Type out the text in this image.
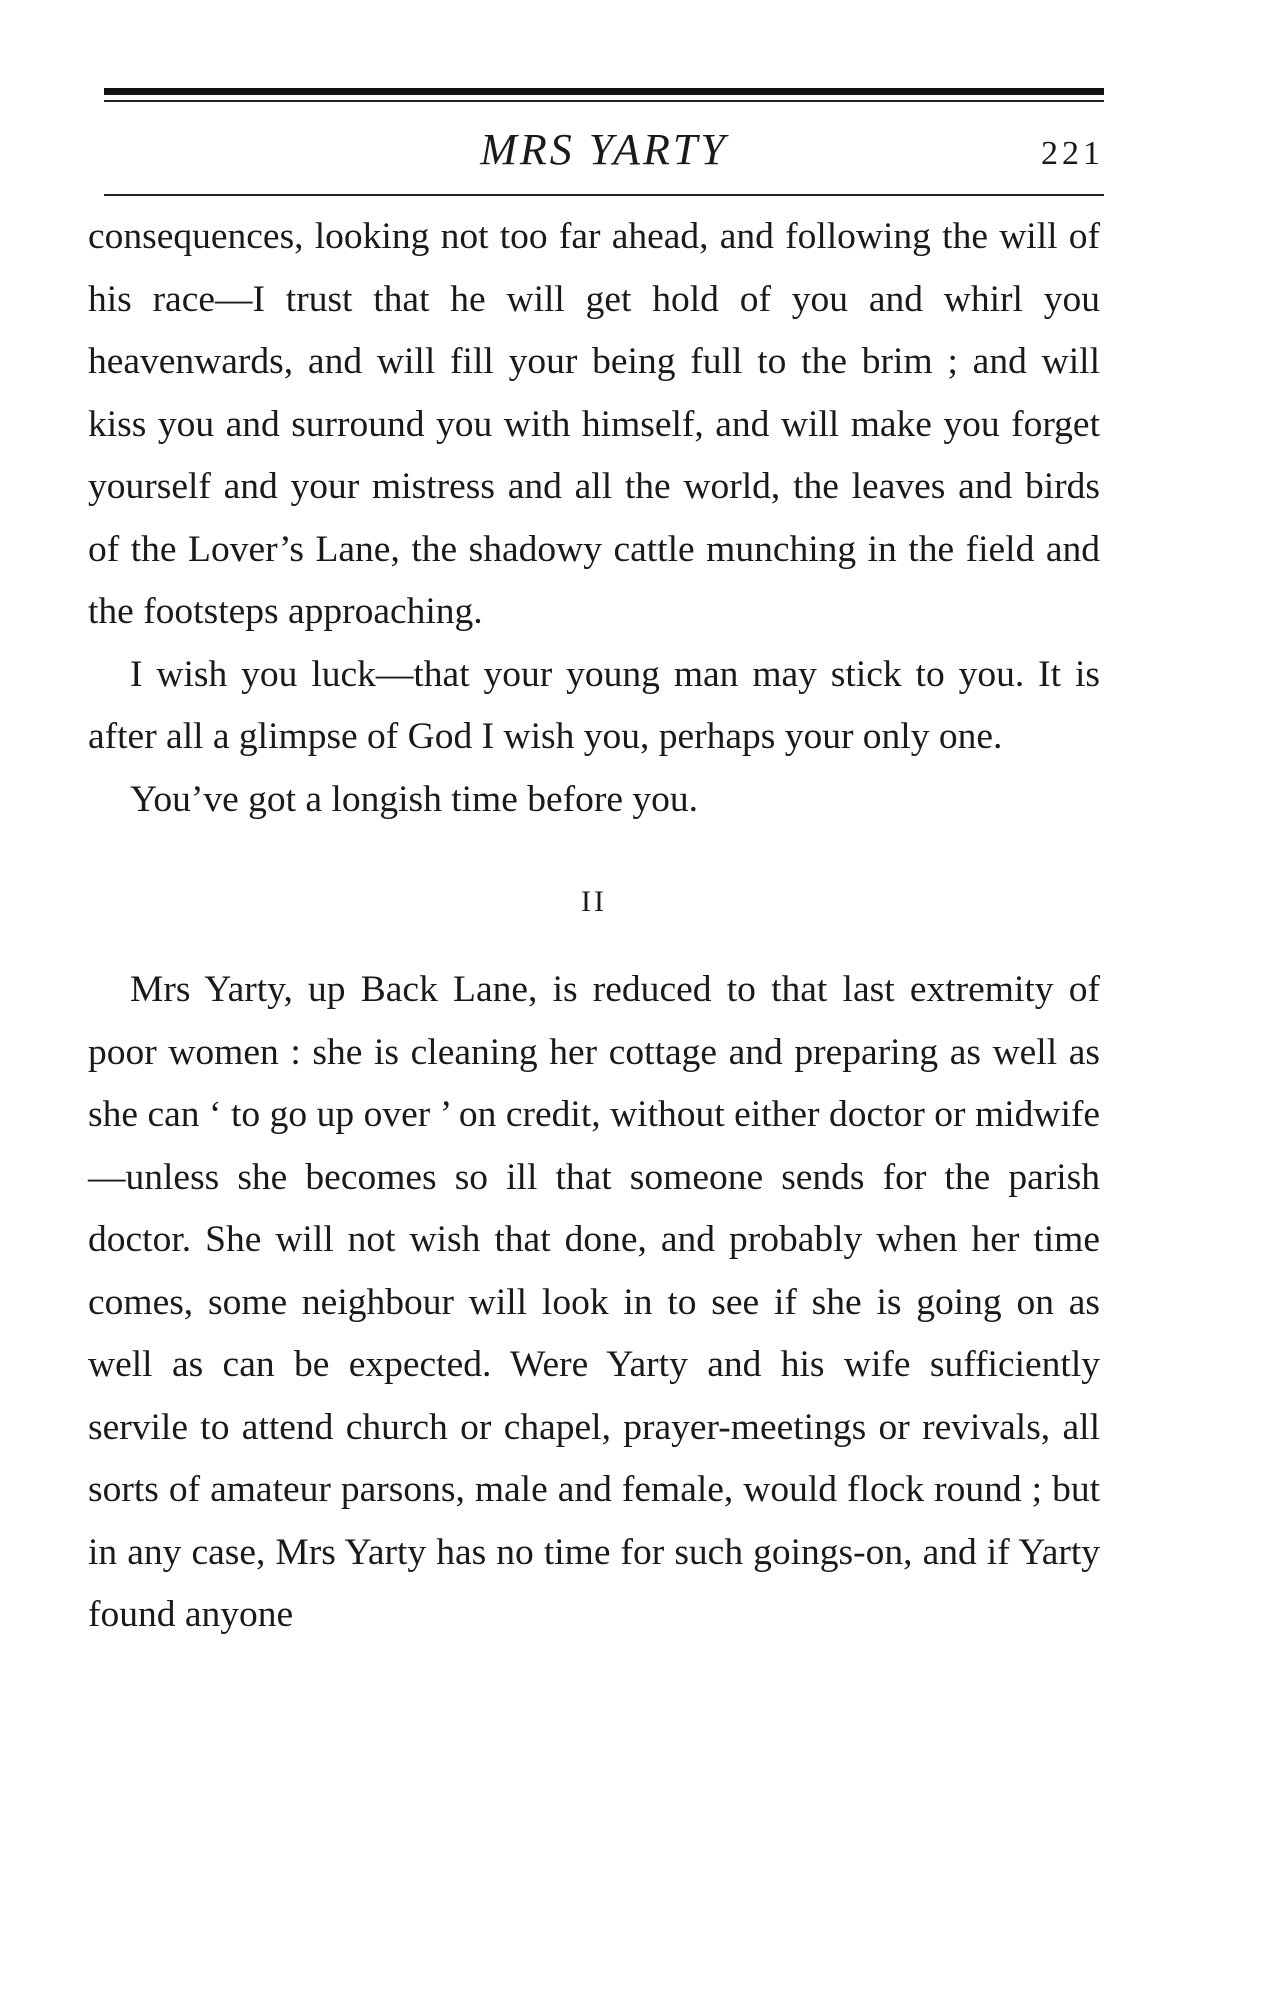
MRS YARTY	221

consequences, looking not too far ahead, and following the will of his race—I trust that he will get hold of you and whirl you heavenwards, and will fill your being full to the brim ; and will kiss you and surround you with himself, and will make you forget yourself and your mistress and all the world, the leaves and birds of the Lover’s Lane, the shadowy cattle munching in the field and the footsteps approaching.

I wish you luck—that your young man may stick to you. It is after all a glimpse of God I wish you, perhaps your only one.

You’ve got a longish time before you.

II

Mrs Yarty, up Back Lane, is reduced to that last extremity of poor women : she is cleaning her cottage and preparing as well as she can ‘ to go up over ’ on credit, without either doctor or midwife—unless she becomes so ill that someone sends for the parish doctor. She will not wish that done, and probably when her time comes, some neighbour will look in to see if she is going on as well as can be expected. Were Yarty and his wife sufficiently servile to attend church or chapel, prayer-meetings or revivals, all sorts of amateur parsons, male and female, would flock round ; but in any case, Mrs Yarty has no time for such goings-on, and if Yarty found anyone
